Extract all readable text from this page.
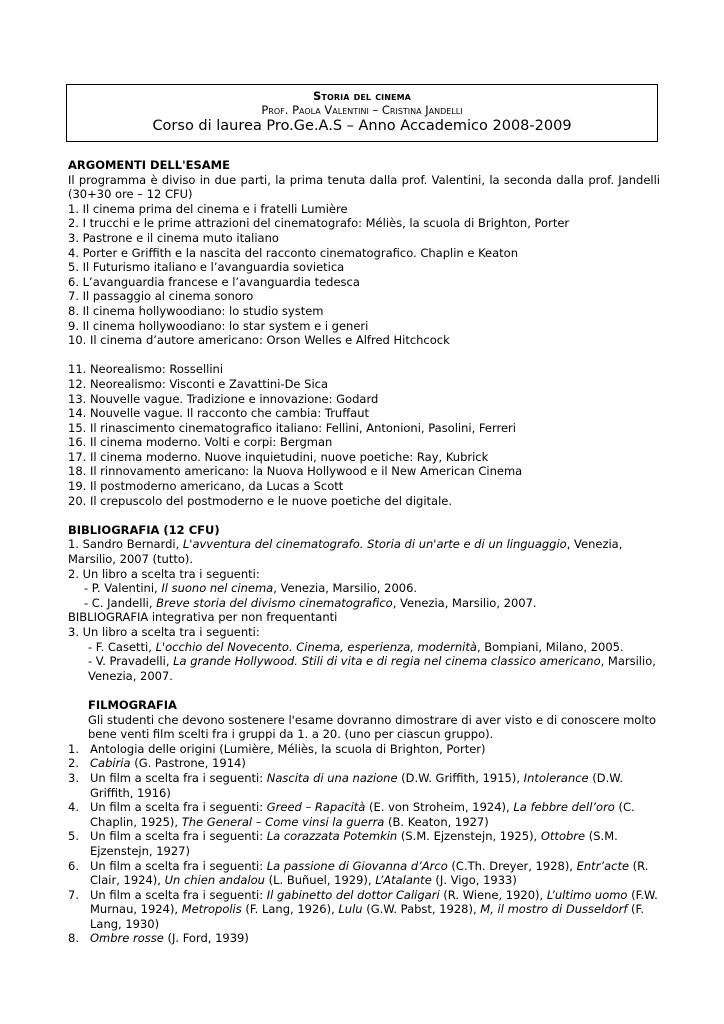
Storia del cinema
Prof. Paola Valentini – Cristina Jandelli
Corso di laurea Pro.Ge.A.S – Anno Accademico 2008-2009

ARGOMENTI DELL'ESAME

Il programma è diviso in due parti, la prima tenuta dalla prof. Valentini, la seconda dalla prof. Jandelli (30+30 ore – 12 CFU)

1. Il cinema prima del cinema e i fratelli Lumière

2. I trucchi e le prime attrazioni del cinematografo: Méliès, la scuola di Brighton, Porter

3. Pastrone e il cinema muto italiano

4. Porter e Griffith e la nascita del racconto cinematografico. Chaplin e Keaton

5. Il Futurismo italiano e l’avanguardia sovietica

6. L’avanguardia francese e l’avanguardia tedesca

7. Il passaggio al cinema sonoro

8. Il cinema hollywoodiano: lo studio system

9. Il cinema hollywoodiano: lo star system e i generi

10. Il cinema d’autore americano: Orson Welles e Alfred Hitchcock

11. Neorealismo: Rossellini

12. Neorealismo: Visconti e Zavattini-De Sica

13. Nouvelle vague. Tradizione e innovazione: Godard

14. Nouvelle vague. Il racconto che cambia: Truffaut

15. Il rinascimento cinematografico italiano: Fellini, Antonioni, Pasolini, Ferreri

16. Il cinema moderno. Volti e corpi: Bergman

17. Il cinema moderno. Nuove inquietudini, nuove poetiche: Ray, Kubrick

18. Il rinnovamento americano: la Nuova Hollywood e il New American Cinema

19. Il postmoderno americano, da Lucas a Scott

20. Il crepuscolo del postmoderno e le nuove poetiche del digitale.

BIBLIOGRAFIA (12 CFU)

1. Sandro Bernardi, L'avventura del cinematografo. Storia di un'arte e di un linguaggio, Venezia, Marsilio, 2007 (tutto).

2. Un libro a scelta tra i seguenti:

- P. Valentini, Il suono nel cinema, Venezia, Marsilio, 2006.

- C. Jandelli, Breve storia del divismo cinematografico, Venezia, Marsilio, 2007.

BIBLIOGRAFIA integrativa per non frequentanti

3. Un libro a scelta tra i seguenti:

- F. Casetti, L'occhio del Novecento. Cinema, esperienza, modernità, Bompiani, Milano, 2005.

- V. Pravadelli, La grande Hollywood. Stili di vita e di regia nel cinema classico americano, Marsilio, Venezia, 2007.

FILMOGRAFIA

Gli studenti che devono sostenere l'esame dovranno dimostrare di aver visto e di conoscere molto bene venti film scelti fra i gruppi da 1. a 20. (uno per ciascun gruppo).

1. Antologia delle origini (Lumière, Méliès, la scuola di Brighton, Porter)
2. Cabiria (G. Pastrone, 1914)
3. Un film a scelta fra i seguenti: Nascita di una nazione (D.W. Griffith, 1915), Intolerance (D.W. Griffith, 1916)
4. Un film a scelta fra i seguenti: Greed – Rapacità (E. von Stroheim, 1924), La febbre dell’oro (C. Chaplin, 1925), The General – Come vinsi la guerra (B. Keaton, 1927)
5. Un film a scelta fra i seguenti: La corazzata Potemkin (S.M. Ejzenstejn, 1925), Ottobre (S.M. Ejzenstejn, 1927)
6. Un film a scelta fra i seguenti: La passione di Giovanna d’Arco (C.Th. Dreyer, 1928), Entr’acte (R. Clair, 1924), Un chien andalou (L. Buñuel, 1929), L’Atalante (J. Vigo, 1933)
7. Un film a scelta fra i seguenti: Il gabinetto del dottor Caligari (R. Wiene, 1920), L’ultimo uomo (F.W. Murnau, 1924), Metropolis (F. Lang, 1926), Lulu (G.W. Pabst, 1928), M, il mostro di Dusseldorf (F. Lang, 1930)
8. Ombre rosse (J. Ford, 1939)
